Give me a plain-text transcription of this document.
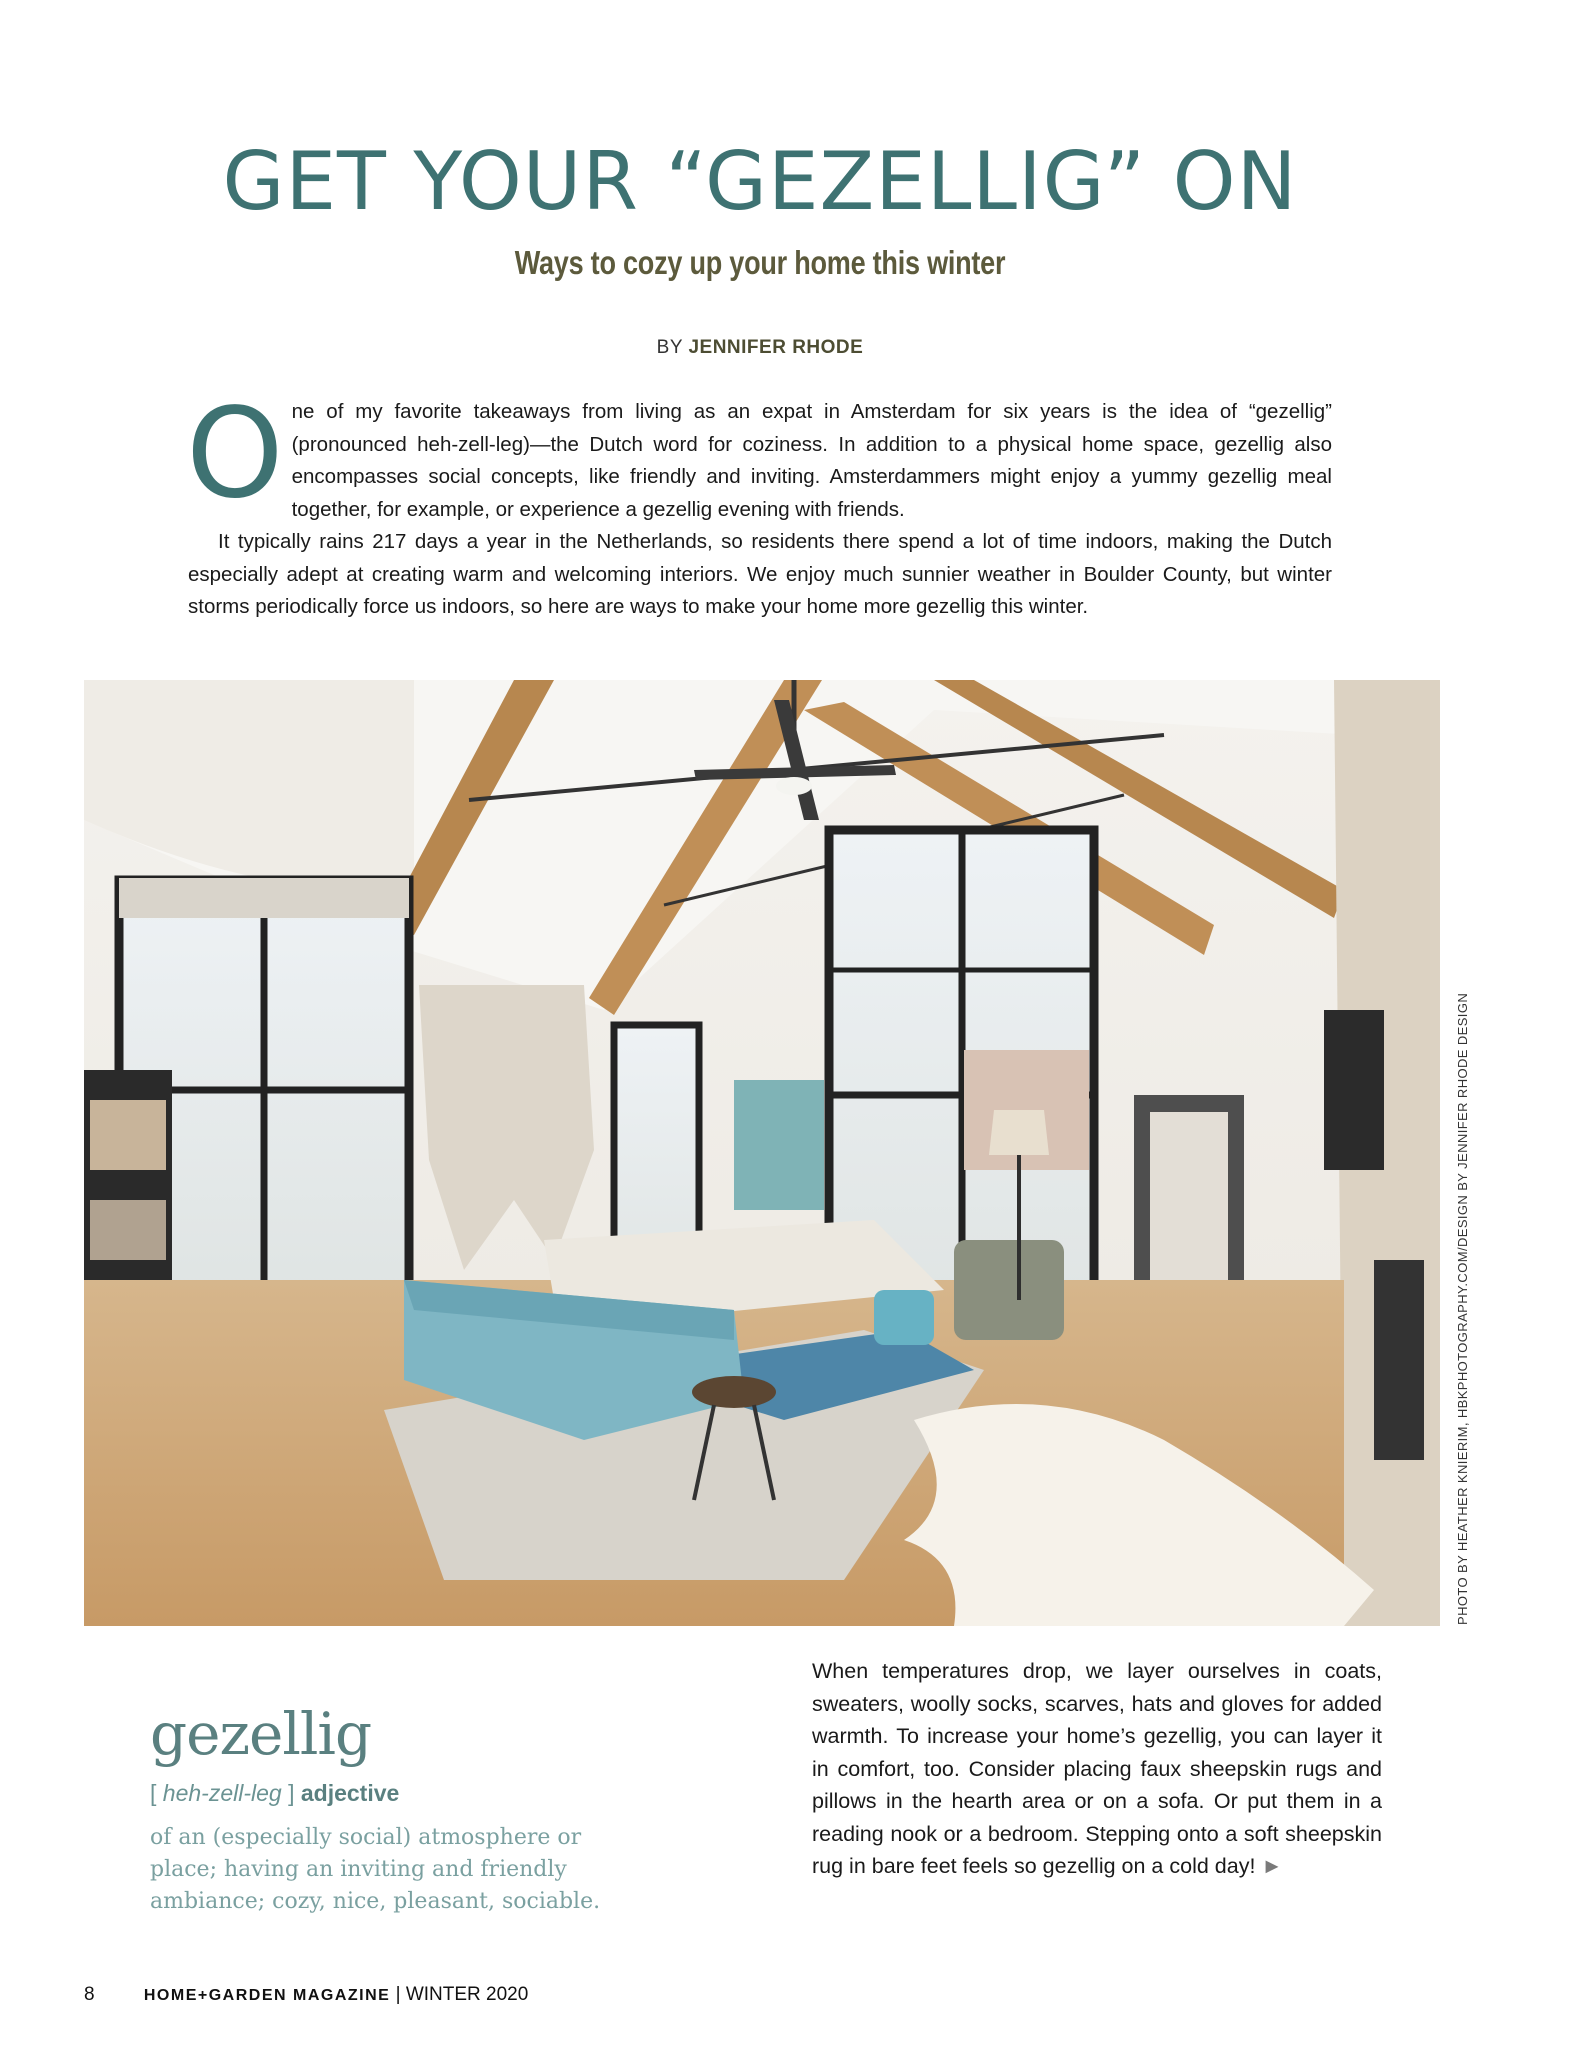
GET YOUR “GEZELLIG” ON
Ways to cozy up your home this winter
BY JENNIFER RHODE

One of my favorite takeaways from living as an expat in Amsterdam for six years is the idea of “gezellig” (pronounced heh-zell-leg)—the Dutch word for coziness. In addition to a physical home space, gezellig also encompasses social concepts, like friendly and inviting. Amsterdammers might enjoy a yummy gezellig meal together, for example, or experience a gezellig evening with friends.

It typically rains 217 days a year in the Netherlands, so residents there spend a lot of time indoors, making the Dutch especially adept at creating warm and welcoming interiors. We enjoy much sunnier weather in Boulder County, but winter storms periodically force us indoors, so here are ways to make your home more gezellig this winter.

PHOTO BY HEATHER KNIERIM, HBKPHOTOGRAPHY.COM/DESIGN BY JENNIFER RHODE DESIGN
gezellig
[ heh-zell-leg ] adjective
of an (especially social) atmosphere or place; having an inviting and friendly ambiance; cozy, nice, pleasant, sociable.
When temperatures drop, we layer ourselves in coats, sweaters, woolly socks, scarves, hats and gloves for added warmth. To increase your home’s gezellig, you can layer it in comfort, too. Consider placing faux sheepskin rugs and pillows in the hearth area or on a sofa. Or put them in a reading nook or a bedroom. Stepping onto a soft sheepskin rug in bare feet feels so gezellig on a cold day! ►
8	HOME+GARDEN MAGAZINE | WINTER 2020
